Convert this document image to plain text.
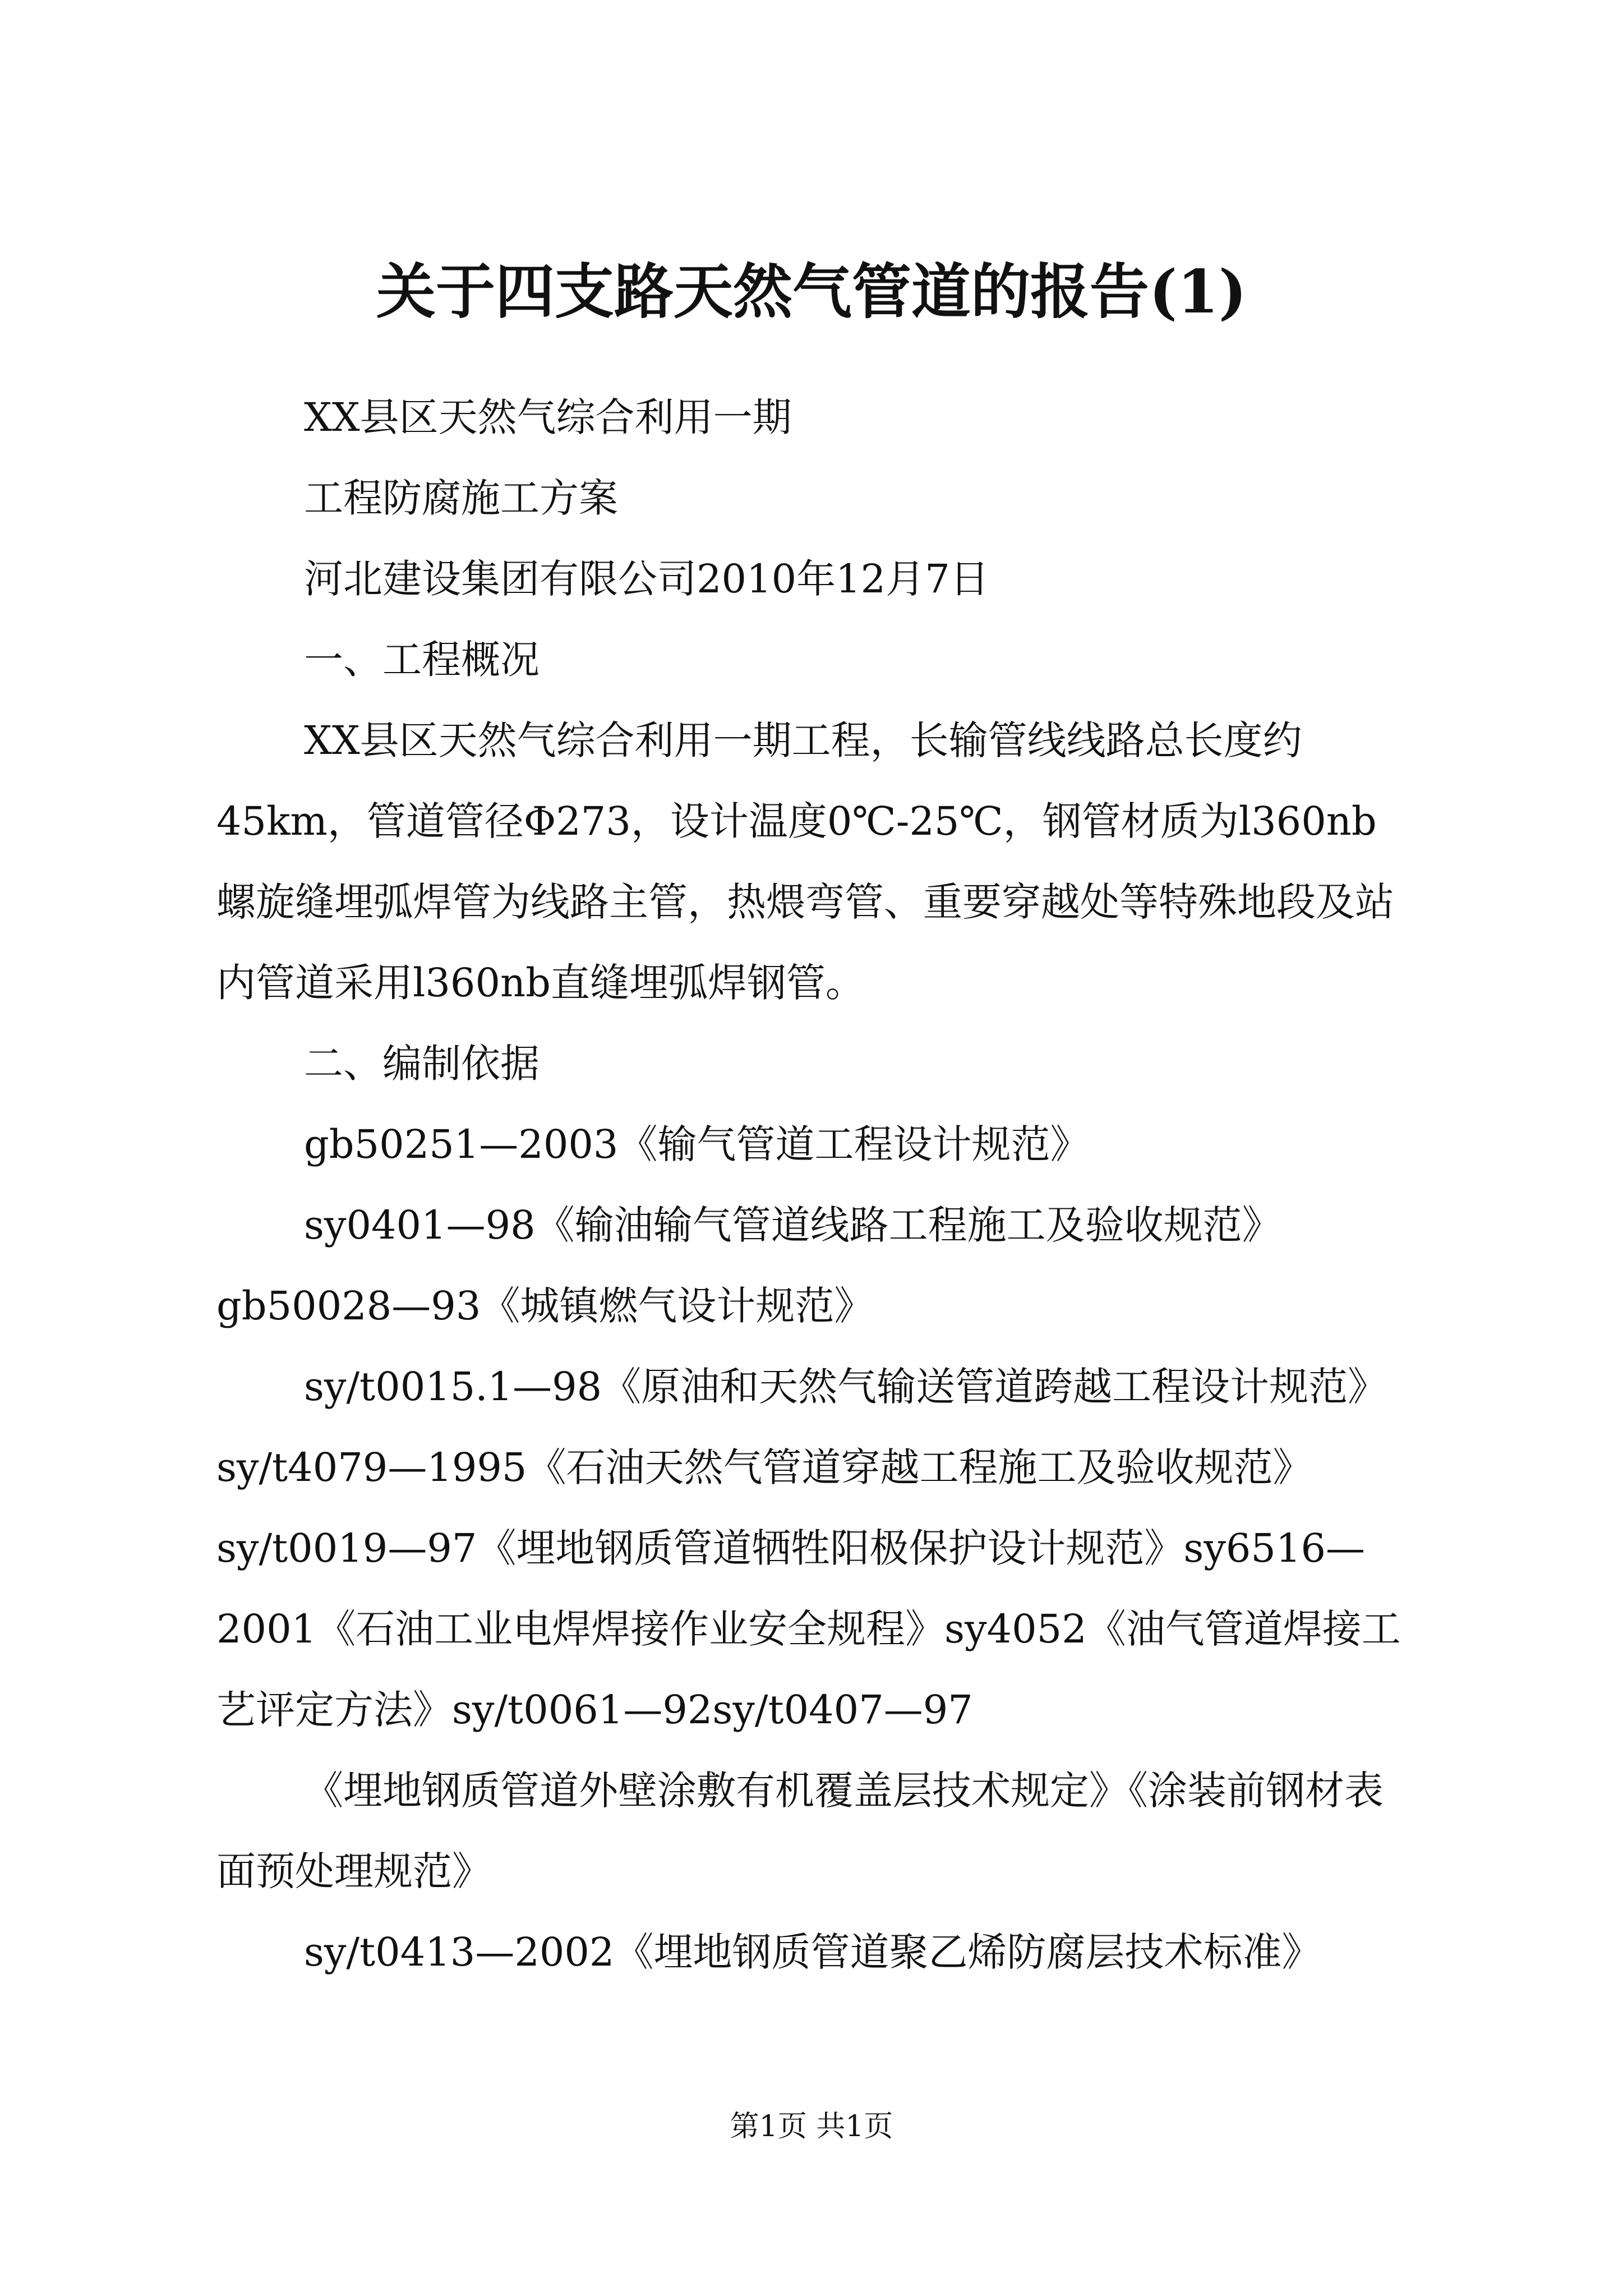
关于四支路天然气管道的报告(1)

XX县区天然气综合利用一期

工程防腐施工方案

河北建设集团有限公司2010年12月7日

一、工程概况

XX县区天然气综合利用一期工程，长输管线线路总长度约45km，管道管径Φ273，设计温度0℃-25℃，钢管材质为l360nb螺旋缝埋弧焊管为线路主管，热煨弯管、重要穿越处等特殊地段及站内管道采用l360nb直缝埋弧焊钢管。

二、编制依据

gb50251—2003《输气管道工程设计规范》

sy0401—98《输油输气管道线路工程施工及验收规范》gb50028—93《城镇燃气设计规范》

sy/t0015.1—98《原油和天然气输送管道跨越工程设计规范》sy/t4079—1995《石油天然气管道穿越工程施工及验收规范》sy/t0019—97《埋地钢质管道牺牲阳极保护设计规范》sy6516—2001《石油工业电焊焊接作业安全规程》sy4052《油气管道焊接工艺评定方法》sy/t0061—92sy/t0407—97

《埋地钢质管道外壁涂敷有机覆盖层技术规定》《涂装前钢材表面预处理规范》

sy/t0413—2002《埋地钢质管道聚乙烯防腐层技术标准》

第1页 共1页
